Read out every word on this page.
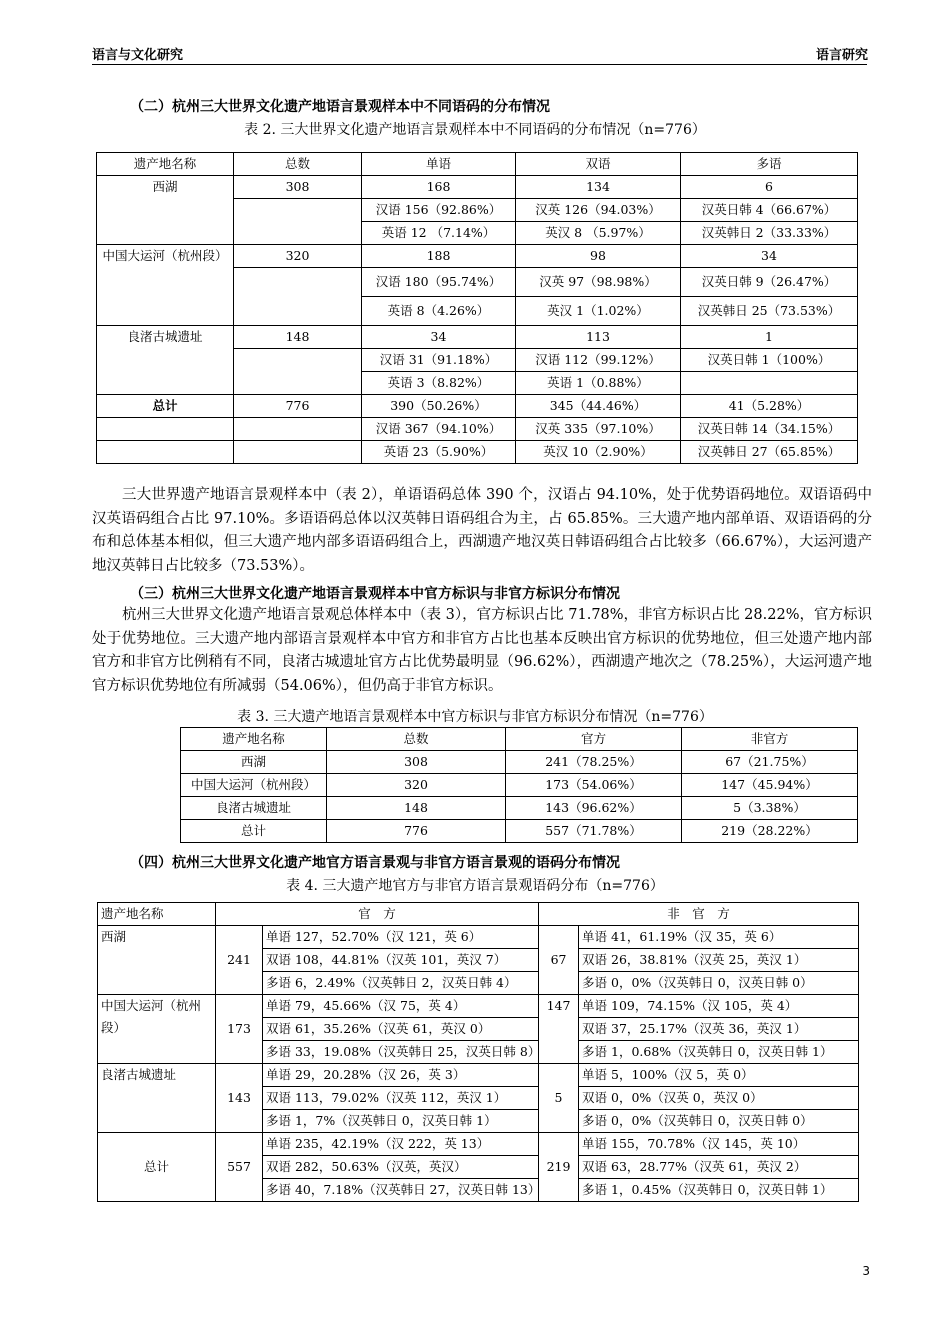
语言与文化研究	语言研究
（二）杭州三大世界文化遗产地语言景观样本中不同语码的分布情况
表 2. 三大世界文化遗产地语言景观样本中不同语码的分布情况（n=776）
遗产地名称	总数	单语	双语	多语
西湖	308	168	134	6
		汉语 156（92.86%）	汉英 126（94.03%）	汉英日韩 4（66.67%）
		英语 12 （7.14%）	英汉 8 （5.97%）	汉英韩日 2（33.33%）
中国大运河（杭州段）	320	188	98	34
		汉语 180（95.74%）	汉英 97（98.98%）	汉英日韩 9（26.47%）
		英语 8（4.26%）	英汉 1（1.02%）	汉英韩日 25（73.53%）
良渚古城遗址	148	34	113	1
		汉语 31（91.18%）	汉语 112（99.12%）	汉英日韩 1（100%）
		英语 3（8.82%）	英语 1（0.88%）	
总计	776	390（50.26%）	345（44.46%）	41（5.28%）
		汉语 367（94.10%）	汉英 335（97.10%）	汉英日韩 14（34.15%）
		英语 23（5.90%）	英汉 10（2.90%）	汉英韩日 27（65.85%）

三大世界遗产地语言景观样本中（表 2），单语语码总体 390 个，汉语占 94.10%，处于优势语码地位。双语语码中汉英语码组合占比 97.10%。多语语码总体以汉英韩日语码组合为主，占 65.85%。三大遗产地内部单语、双语语码的分布和总体基本相似，但三大遗产地内部多语语码组合上，西湖遗产地汉英日韩语码组合占比较多（66.67%），大运河遗产地汉英韩日占比较多（73.53%）。

（三）杭州三大世界文化遗产地语言景观样本中官方标识与非官方标识分布情况

杭州三大世界文化遗产地语言景观总体样本中（表 3），官方标识占比 71.78%，非官方标识占比 28.22%，官方标识处于优势地位。三大遗产地内部语言景观样本中官方和非官方占比也基本反映出官方标识的优势地位，但三处遗产地内部官方和非官方比例稍有不同，良渚古城遗址官方占比优势最明显（96.62%），西湖遗产地次之（78.25%），大运河遗产地官方标识优势地位有所减弱（54.06%），但仍高于非官方标识。

表 3. 三大遗产地语言景观样本中官方标识与非官方标识分布情况（n=776）
遗产地名称	总数	官方	非官方
西湖	308	241（78.25%）	67（21.75%）
中国大运河（杭州段）	320	173（54.06%）	147（45.94%）
良渚古城遗址	148	143（96.62%）	5（3.38%）
总计	776	557（71.78%）	219（28.22%）
（四）杭州三大世界文化遗产地官方语言景观与非官方语言景观的语码分布情况
表 4. 三大遗产地官方与非官方语言景观语码分布（n=776）
遗产地名称	官　方		非　官　方	
西湖	241	单语 127，52.70%（汉 121，英 6）	67	单语 41，61.19%（汉 35，英 6）
		双语 108，44.81%（汉英 101，英汉 7）		双语 26，38.81%（汉英 25，英汉 1）
		多语 6，2.49%（汉英韩日 2，汉英日韩 4）		多语 0，0%（汉英韩日 0，汉英日韩 0）
中国大运河（杭州段）	173	单语 79，45.66%（汉 75，英 4）	147	单语 109，74.15%（汉 105，英 4）
		双语 61，35.26%（汉英 61，英汉 0）		双语 37，25.17%（汉英 36，英汉 1）
		多语 33，19.08%（汉英韩日 25，汉英日韩 8）		多语 1，0.68%（汉英韩日 0，汉英日韩 1）
良渚古城遗址	143	单语 29，20.28%（汉 26，英 3）	5	单语 5，100%（汉 5，英 0）
		双语 113，79.02%（汉英 112，英汉 1）		双语 0，0%（汉英 0，英汉 0）
		多语 1，7%（汉英韩日 0，汉英日韩 1）		多语 0，0%（汉英韩日 0，汉英日韩 0）
总计	557	单语 235，42.19%（汉 222，英 13）	219	单语 155，70.78%（汉 145，英 10）
		双语 282，50.63%（汉英，英汉）		双语 63，28.77%（汉英 61，英汉 2）
		多语 40，7.18%（汉英韩日 27，汉英日韩 13）		多语 1，0.45%（汉英韩日 0，汉英日韩 1）
3
